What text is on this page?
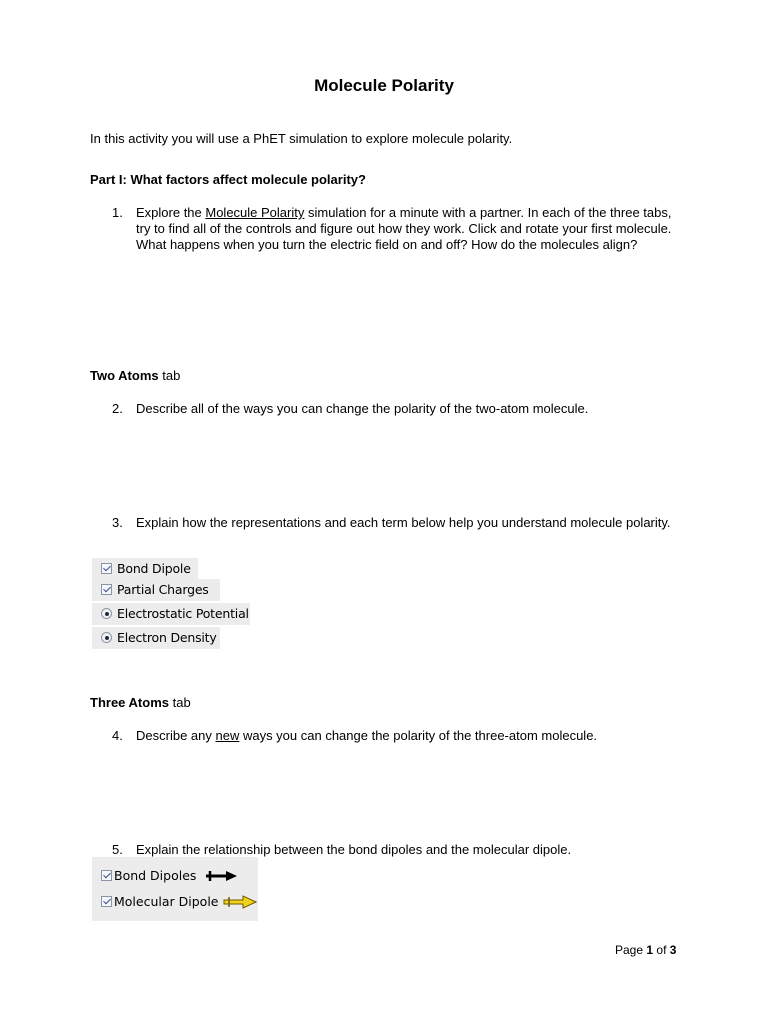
Molecule Polarity
In this activity you will use a PhET simulation to explore molecule polarity.
Part I: What factors affect molecule polarity?
1. Explore the Molecule Polarity simulation for a minute with a partner. In each of the three tabs, try to find all of the controls and figure out how they work. Click and rotate your first molecule. What happens when you turn the electric field on and off? How do the molecules align?
Two Atoms tab
2. Describe all of the ways you can change the polarity of the two-atom molecule.
3. Explain how the representations and each term below help you understand molecule polarity.
Bond Dipole
Partial Charges
Electrostatic Potential
Electron Density
Three Atoms tab
4. Describe any new ways you can change the polarity of the three-atom molecule.
5. Explain the relationship between the bond dipoles and the molecular dipole.
Bond Dipoles
Molecular Dipole
Page 1 of 3
